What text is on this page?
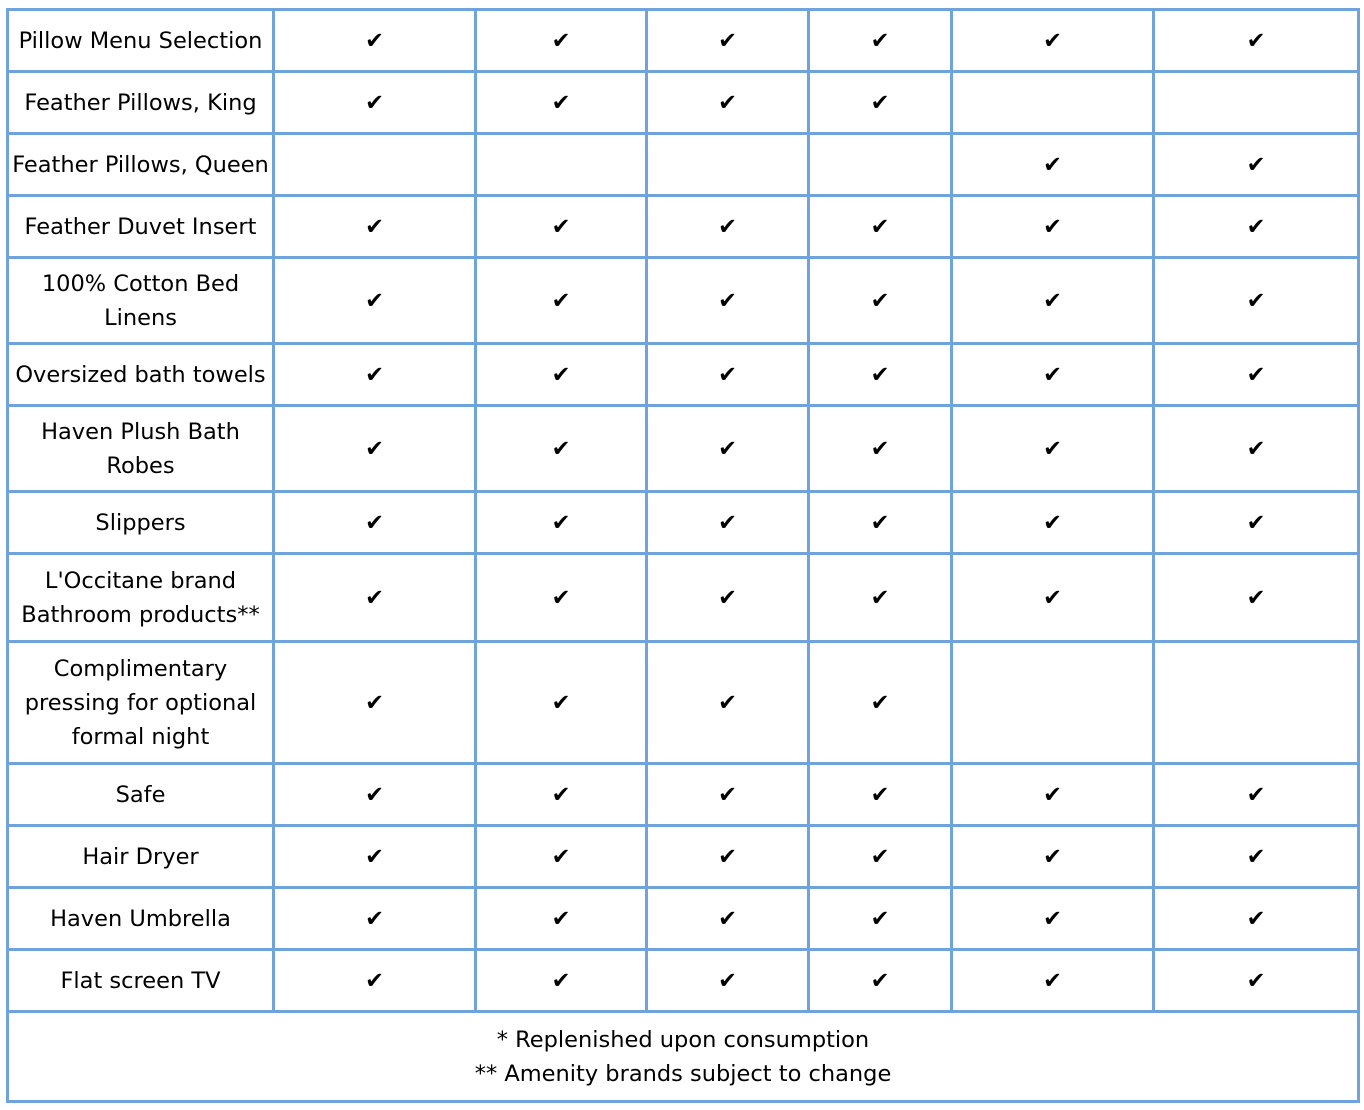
Pillow Menu Selection	✔	✔	✔	✔	✔	✔
Feather Pillows, King	✔	✔	✔	✔		
Feather Pillows, Queen					✔	✔
Feather Duvet Insert	✔	✔	✔	✔	✔	✔
100% Cotton Bed Linens	✔	✔	✔	✔	✔	✔
Oversized bath towels	✔	✔	✔	✔	✔	✔
Haven Plush Bath Robes	✔	✔	✔	✔	✔	✔
Slippers	✔	✔	✔	✔	✔	✔
L'Occitane brand Bathroom products**	✔	✔	✔	✔	✔	✔
Complimentary pressing for optional formal night	✔	✔	✔	✔		
Safe	✔	✔	✔	✔	✔	✔
Hair Dryer	✔	✔	✔	✔	✔	✔
Haven Umbrella	✔	✔	✔	✔	✔	✔
Flat screen TV	✔	✔	✔	✔	✔	✔

* Replenished upon consumption
** Amenity brands subject to change						
